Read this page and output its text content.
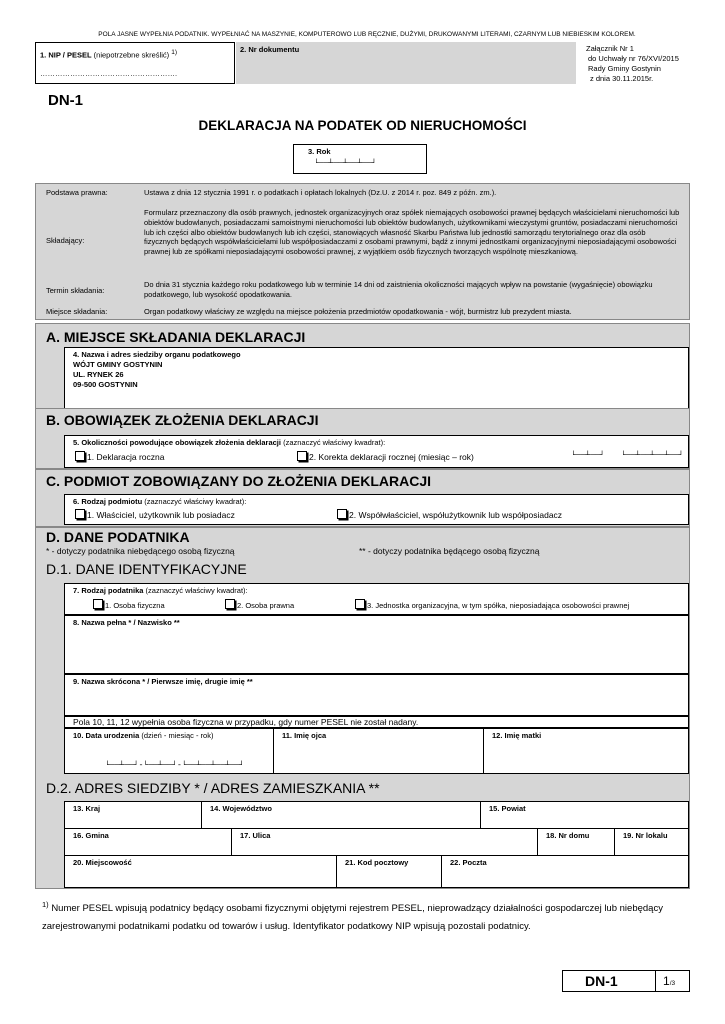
POLA JASNE WYPEŁNIA PODATNIK. WYPEŁNIAĆ NA MASZYNIE, KOMPUTEROWO LUB RĘCZNIE, DUŻYMI, DRUKOWANYMI LITERAMI, CZARNYM LUB NIEBIESKIM KOLOREM.
1. NIP / PESEL (niepotrzebne skreślić) $^{1)}$
……………………………………………….
2. Nr dokumentu	Załącznik Nr 1
do Uchwały nr 76/XVI/2015
Rady Gminy Gostynin
z dnia 30.11.2015r.
DN-1
DEKLARACJA NA PODATEK OD NIERUCHOMOŚCI
3. Rok
└──┴──┴──┴──┘
Podstawa prawna:	Ustawa z dnia 12 stycznia 1991 r. o podatkach i opłatach lokalnych (Dz.U. z 2014 r. poz. 849 z późn. zm.).
Składający:
Formularz przeznaczony dla osób prawnych, jednostek organizacyjnych oraz spółek niemających osobowości prawnej będących właścicielami nieruchomości lub obiektów budowlanych, posiadaczami samoistnymi nieruchomości lub obiektów budowlanych, użytkownikami wieczystymi gruntów, posiadaczami nieruchomości lub ich części albo obiektów budowlanych lub ich części, stanowiących własność Skarbu Państwa lub jednostki samorządu terytorialnego oraz dla osób fizycznych będących współwłaścicielami lub współposiadaczami z osobami prawnymi, bądź z innymi jednostkami organizacyjnymi nieposiadającymi osobowości prawnej lub ze spółkami nieposiadającymi osobowości prawnej, z wyjątkiem osób fizycznych tworzących wspólnotę mieszkaniową.
Termin składania:
Do dnia 31 stycznia każdego roku podatkowego lub w terminie 14 dni od zaistnienia okoliczności mających wpływ na powstanie (wygaśnięcie) obowiązku podatkowego, lub wysokość opodatkowania.
Miejsce składania:	Organ podatkowy właściwy ze względu na miejsce położenia przedmiotów opodatkowania - wójt, burmistrz lub prezydent miasta.
A. MIEJSCE SKŁADANIA DEKLARACJI
4. Nazwa i adres siedziby organu podatkowego
WÓJT GMINY GOSTYNIN
UL. RYNEK 26
09-500 GOSTYNIN
B. OBOWIĄZEK ZŁOŻENIA DEKLARACJI
5. Okoliczności powodujące obowiązek złożenia deklaracji (zaznaczyć właściwy kwadrat):
1. Deklaracja roczna	2. Korekta deklaracji rocznej (miesiąc – rok)	└──┴──┘ └──┴──┴──┴──┘
C. PODMIOT ZOBOWIĄZANY DO ZŁOŻENIA DEKLARACJI
6. Rodzaj podmiotu (zaznaczyć właściwy kwadrat):
1. Właściciel, użytkownik lub posiadacz	2. Współwłaściciel, współużytkownik lub współposiadacz
D. DANE PODATNIKA
* - dotyczy podatnika niebędącego osobą fizyczną	** - dotyczy podatnika będącego osobą fizyczną
D.1. DANE IDENTYFIKACYJNE
7. Rodzaj podatnika (zaznaczyć właściwy kwadrat):
1. Osoba fizyczna	2. Osoba prawna	3. Jednostka organizacyjna, w tym spółka, nieposiadająca osobowości prawnej
8. Nazwa pełna * / Nazwisko **
9. Nazwa skrócona * / Pierwsze imię, drugie imię **
Pola 10, 11, 12 wypełnia osoba fizyczna w przypadku, gdy numer PESEL nie został nadany.
10. Data urodzenia (dzień - miesiąc - rok)
└──┴──┘-└──┴──┘-└──┴──┴──┴──┘
11. Imię ojca	12. Imię matki
D.2. ADRES SIEDZIBY * / ADRES ZAMIESZKANIA **
13. Kraj	14. Województwo	15. Powiat
16. Gmina	17. Ulica	18. Nr domu	19. Nr lokalu
20. Miejscowość	21. Kod pocztowy	22. Poczta
$^{1)}$ Numer PESEL wpisują podatnicy będący osobami fizycznymi objętymi rejestrem PESEL, nieprowadzący działalności gospodarczej lub niebędący zarejestrowanymi podatnikami podatku od towarów i usług. Identyfikator podatkowy NIP wpisują pozostali podatnicy.
DN-1	1/3
